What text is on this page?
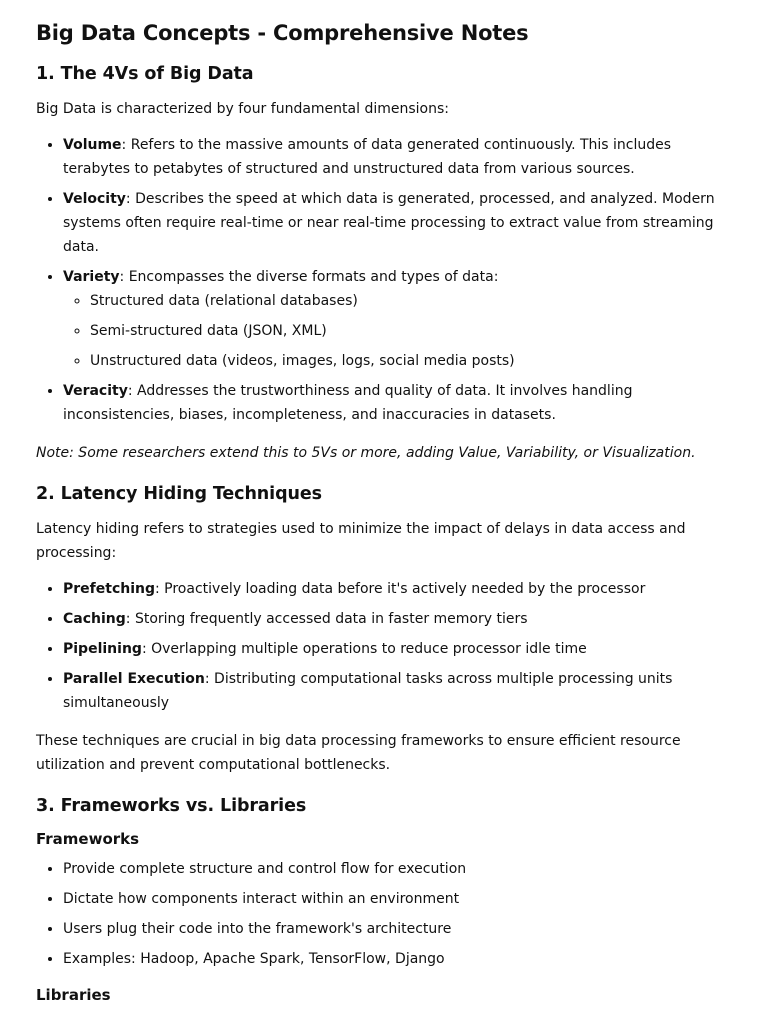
Big Data Concepts - Comprehensive Notes
1. The 4Vs of Big Data

Big Data is characterized by four fundamental dimensions:

• Volume: Refers to the massive amounts of data generated continuously. This includes terabytes to petabytes of structured and unstructured data from various sources.
• Velocity: Describes the speed at which data is generated, processed, and analyzed. Modern systems often require real-time or near real-time processing to extract value from streaming data.
• Variety: Encompasses the diverse formats and types of data:
◦ Structured data (relational databases)
◦ Semi-structured data (JSON, XML)
◦ Unstructured data (videos, images, logs, social media posts)
• Veracity: Addresses the trustworthiness and quality of data. It involves handling inconsistencies, biases, incompleteness, and inaccuracies in datasets.

Note: Some researchers extend this to 5Vs or more, adding Value, Variability, or Visualization.

2. Latency Hiding Techniques

Latency hiding refers to strategies used to minimize the impact of delays in data access and processing:

• Prefetching: Proactively loading data before it's actively needed by the processor
• Caching: Storing frequently accessed data in faster memory tiers
• Pipelining: Overlapping multiple operations to reduce processor idle time
• Parallel Execution: Distributing computational tasks across multiple processing units simultaneously

These techniques are crucial in big data processing frameworks to ensure efficient resource utilization and prevent computational bottlenecks.

3. Frameworks vs. Libraries
Frameworks
• Provide complete structure and control flow for execution
• Dictate how components interact within an environment
• Users plug their code into the framework's architecture
• Examples: Hadoop, Apache Spark, TensorFlow, Django
Libraries
